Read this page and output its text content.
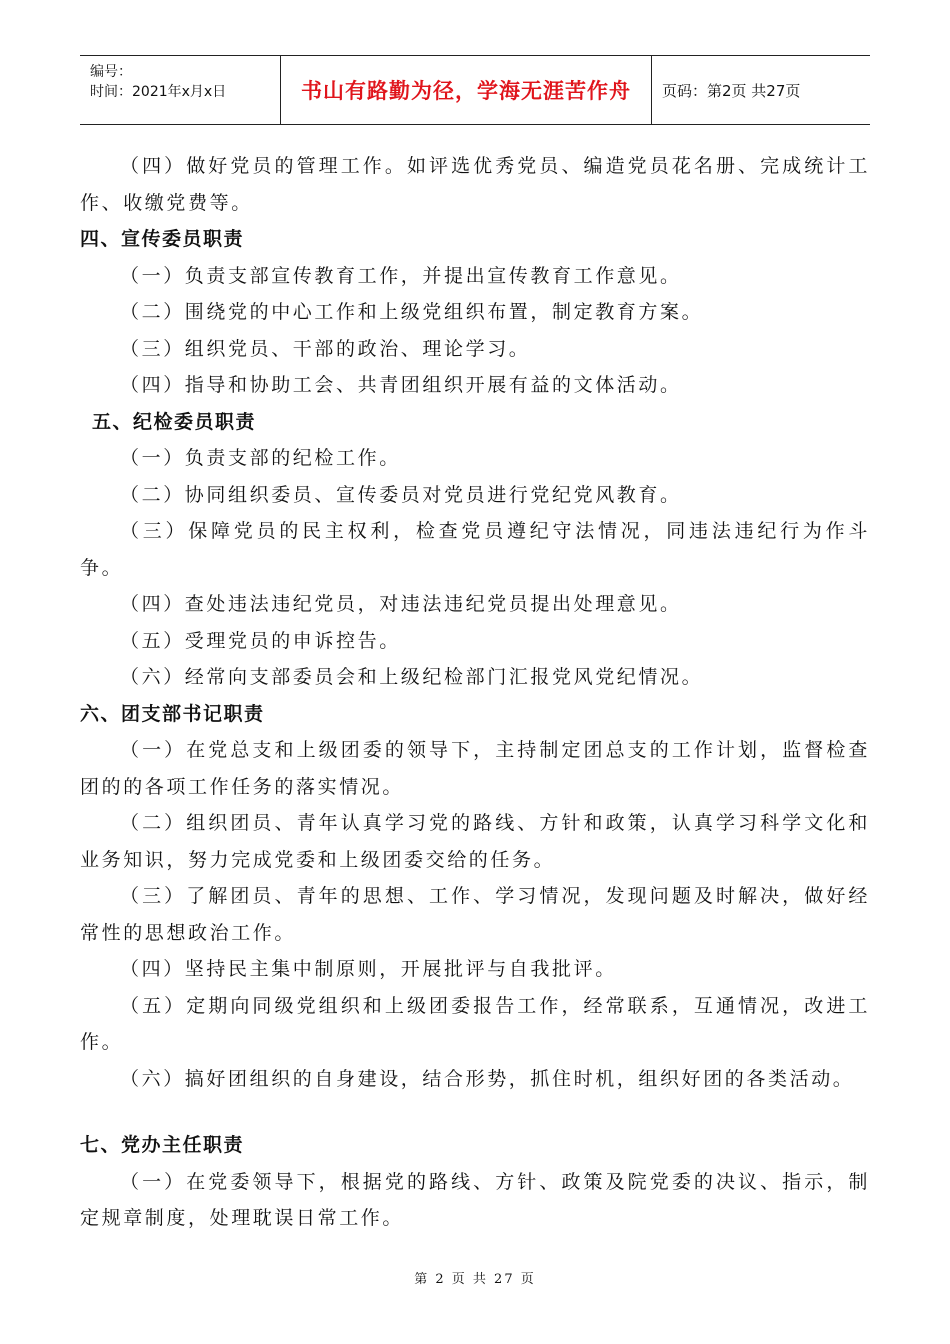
编号：
时间：2021年x月x日	书山有路勤为径，学海无涯苦作舟	页码：第2页 共27页

（四）做好党员的管理工作。如评选优秀党员、编造党员花名册、完成统计工作、收缴党费等。

四、宣传委员职责

（一）负责支部宣传教育工作，并提出宣传教育工作意见。

（二）围绕党的中心工作和上级党组织布置，制定教育方案。

（三）组织党员、干部的政治、理论学习。

（四）指导和协助工会、共青团组织开展有益的文体活动。

五、纪检委员职责

（一）负责支部的纪检工作。

（二）协同组织委员、宣传委员对党员进行党纪党风教育。

（三）保障党员的民主权利，检查党员遵纪守法情况，同违法违纪行为作斗争。

（四）查处违法违纪党员，对违法违纪党员提出处理意见。

（五）受理党员的申诉控告。

（六）经常向支部委员会和上级纪检部门汇报党风党纪情况。

六、团支部书记职责

（一）在党总支和上级团委的领导下，主持制定团总支的工作计划，监督检查团的的各项工作任务的落实情况。

（二）组织团员、青年认真学习党的路线、方针和政策，认真学习科学文化和业务知识，努力完成党委和上级团委交给的任务。

（三）了解团员、青年的思想、工作、学习情况，发现问题及时解决，做好经常性的思想政治工作。

（四）坚持民主集中制原则，开展批评与自我批评。

（五）定期向同级党组织和上级团委报告工作，经常联系，互通情况，改进工作。

（六）搞好团组织的自身建设，结合形势，抓住时机，组织好团的各类活动。

七、党办主任职责

（一）在党委领导下，根据党的路线、方针、政策及院党委的决议、指示，制定规章制度，处理耽误日常工作。

第 2 页 共 27 页
